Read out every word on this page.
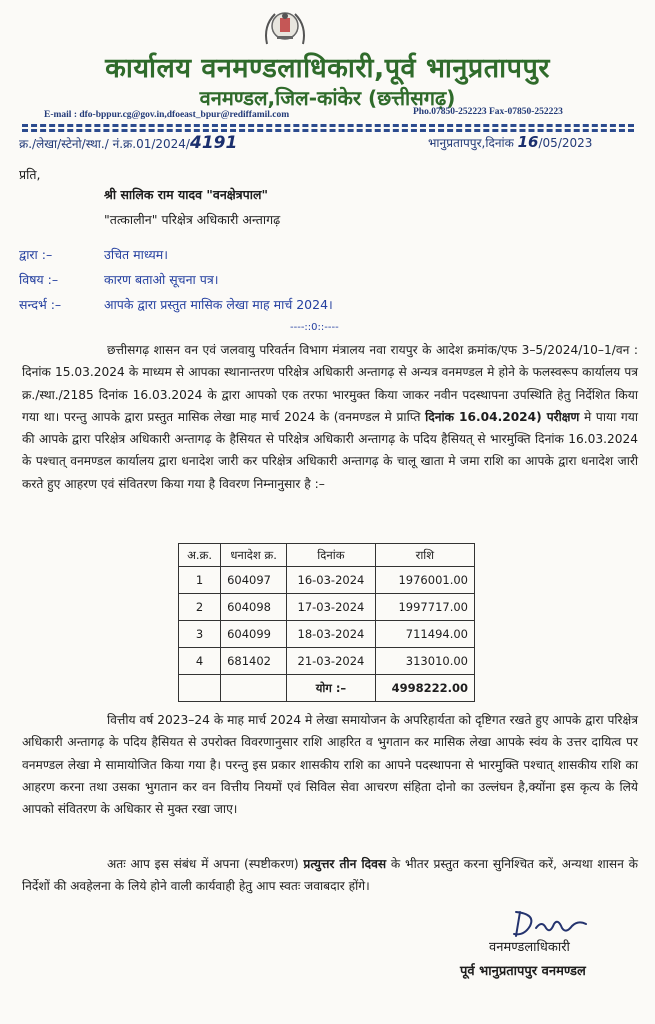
कार्यालय वनमण्डलाधिकारी,पूर्व भानुप्रतापपुर
वनमण्डल,जिल-कांकेर (छत्तीसगढ़)
E-mail : dfo-bppur.cg@gov.in,dfoeast_bpur@rediffamil.com	Pho.07850-252223 Fax-07850-252223
क्र./लेखा/स्टेनो/स्था./ नं.क्र.01/2024/4191	भानुप्रतापपुर,दिनांक 16/05/2023
प्रति,
श्री सालिक राम यादव "वनक्षेत्रपाल"
"तत्कालीन" परिक्षेत्र अधिकारी अन्तागढ़
द्वारा :–	उचित माध्यम।
विषय :–	कारण बताओ सूचना पत्र।
सन्दर्भ :–	आपके द्वारा प्रस्तुत मासिक लेखा माह मार्च 2024।
----::0::----

छत्तीसगढ़ शासन वन एवं जलवायु परिवर्तन विभाग मंत्रालय नवा रायपुर के आदेश क्रमांक/एफ 3–5/2024/10–1/वन : दिनांक 15.03.2024 के माध्यम से आपका स्थानान्तरण परिक्षेत्र अधिकारी अन्तागढ़ से अन्यत्र वनमण्डल मे होने के फलस्वरूप कार्यालय पत्र क्र./स्था./2185 दिनांक 16.03.2024 के द्वारा आपको एक तरफा भारमुक्त किया जाकर नवीन पदस्थापना उपस्थिति हेतु निर्देशित किया गया था। परन्तु आपके द्वारा प्रस्तुत मासिक लेखा माह मार्च 2024 के (वनमण्डल मे प्राप्ति दिनांक 16.04.2024) परीक्षण मे पाया गया की आपके द्वारा परिक्षेत्र अधिकारी अन्तागढ़ के हैसियत से परिक्षेत्र अधिकारी अन्तागढ़ के पदिय हैसियत् से भारमुक्ति दिनांक 16.03.2024 के पश्चात् वनमण्डल कार्यालय द्वारा धनादेश जारी कर परिक्षेत्र अधिकारी अन्तागढ़ के चालू खाता मे जमा राशि का आपके द्वारा धनादेश जारी करते हुए आहरण एवं संवितरण किया गया है विवरण निम्नानुसार है :–

अ.क्र.	धनादेश क्र.	दिनांक	राशि
1	604097	16-03-2024	1976001.00
2	604098	17-03-2024	1997717.00
3	604099	18-03-2024	711494.00
4	681402	21-03-2024	313010.00
		योग :–	4998222.00

वित्तीय वर्ष 2023–24 के माह मार्च 2024 मे लेखा समायोजन के अपरिहार्यता को दृष्टिगत रखते हुए आपके द्वारा परिक्षेत्र अधिकारी अन्तागढ़ के पदिय हैसियत से उपरोक्त विवरणानुसार राशि आहरित व भुगतान कर मासिक लेखा आपके स्वंय के उत्तर दायित्व पर वनमण्डल लेखा मे सामायोजित किया गया है। परन्तु इस प्रकार शासकीय राशि का आपने पदस्थापना से भारमुक्ति पश्चात् शासकीय राशि का आहरण करना तथा उसका भुगतान कर वन वित्तीय नियमों एवं सिविल सेवा आचरण संहिता दोनो का उल्लंघन है,क्योंना इस कृत्य के लिये आपको संवितरण के अधिकार से मुक्त रखा जाए।

अतः आप इस संबंध में अपना (स्पष्टीकरण) प्रत्युत्तर तीन दिवस के भीतर प्रस्तुत करना सुनिश्चित करें, अन्यथा शासन के निर्देशों की अवहेलना के लिये होने वाली कार्यवाही हेतु आप स्वतः जवाबदार होंगे।

वनमण्डलाधिकारी
पूर्व भानुप्रतापपुर वनमण्डल
